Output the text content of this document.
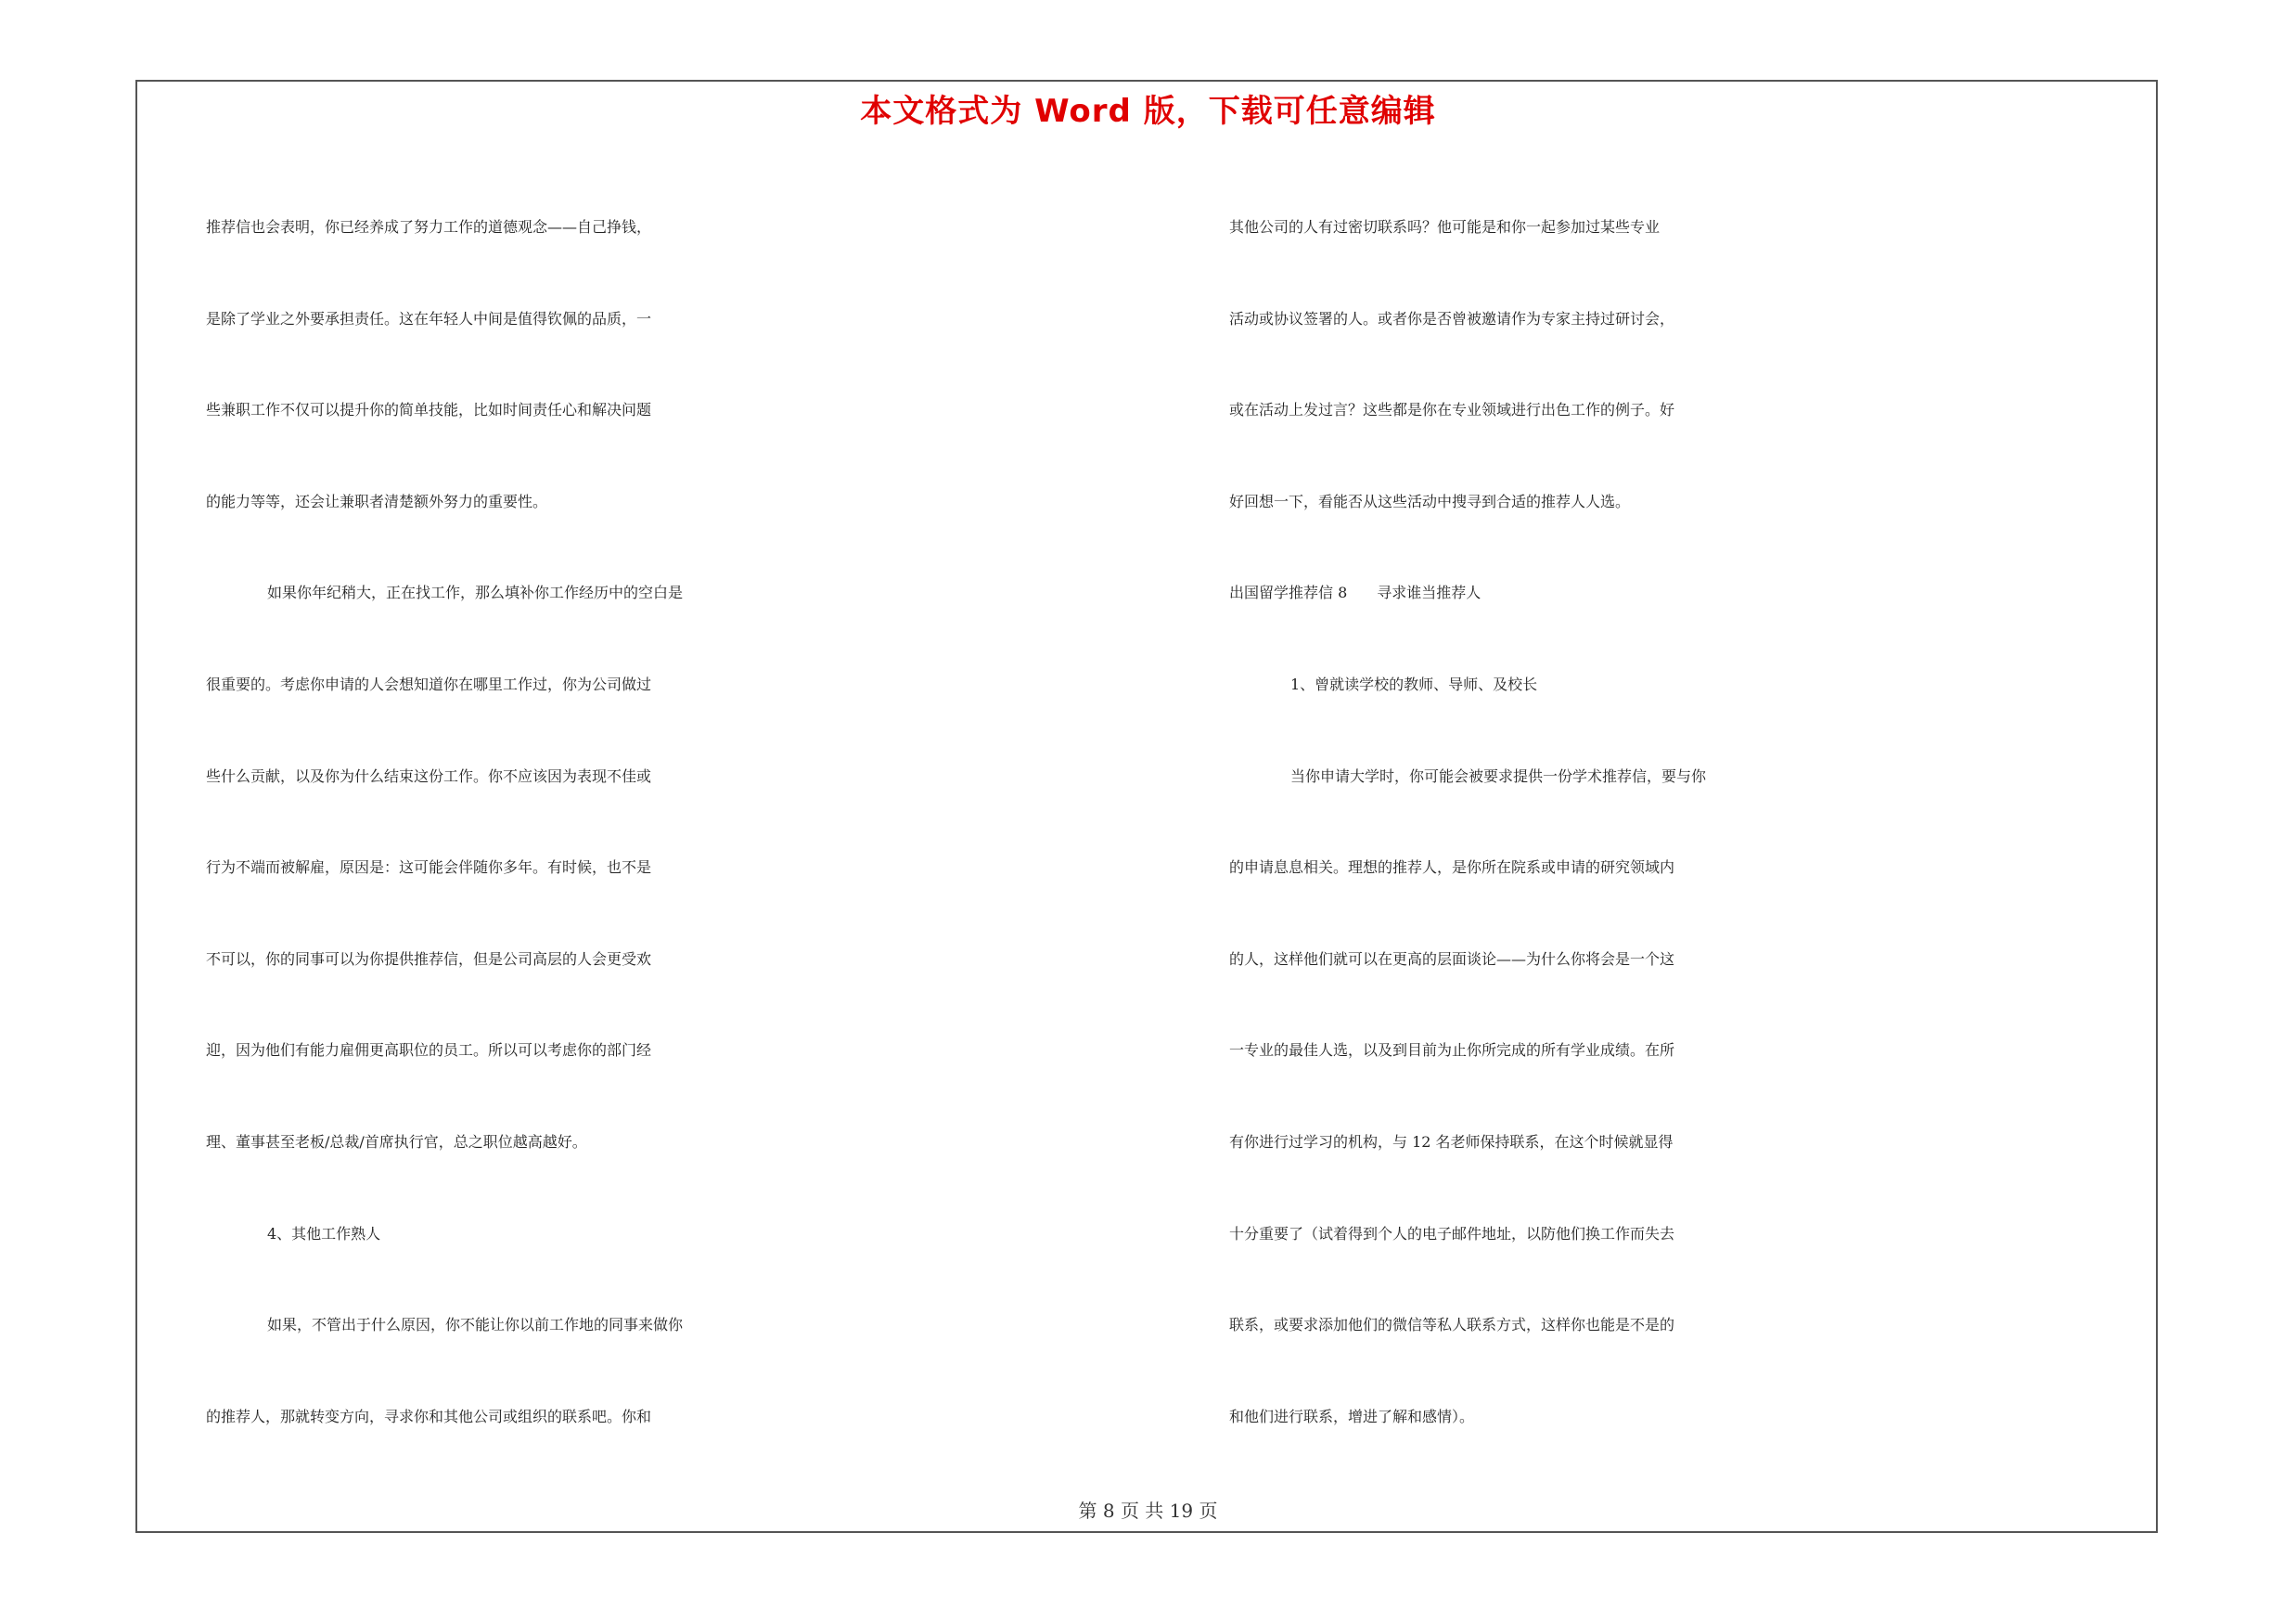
本文格式为 Word 版，下载可任意编辑
推荐信也会表明，你已经养成了努力工作的道德观念——自己挣钱，
是除了学业之外要承担责任。这在年轻人中间是值得钦佩的品质，一
些兼职工作不仅可以提升你的简单技能，比如时间责任心和解决问题
的能力等等，还会让兼职者清楚额外努力的重要性。
如果你年纪稍大，正在找工作，那么填补你工作经历中的空白是
很重要的。考虑你申请的人会想知道你在哪里工作过，你为公司做过
些什么贡献，以及你为什么结束这份工作。你不应该因为表现不佳或
行为不端而被解雇，原因是：这可能会伴随你多年。有时候，也不是
不可以，你的同事可以为你提供推荐信，但是公司高层的人会更受欢
迎，因为他们有能力雇佣更高职位的员工。所以可以考虑你的部门经
理、董事甚至老板/总裁/首席执行官，总之职位越高越好。
4、其他工作熟人
如果，不管出于什么原因，你不能让你以前工作地的同事来做你
的推荐人，那就转变方向，寻求你和其他公司或组织的联系吧。你和
其他公司的人有过密切联系吗？他可能是和你一起参加过某些专业
活动或协议签署的人。或者你是否曾被邀请作为专家主持过研讨会，
或在活动上发过言？这些都是你在专业领域进行出色工作的例子。好
好回想一下，看能否从这些活动中搜寻到合适的推荐人人选。
出国留学推荐信 8　　寻求谁当推荐人
1、曾就读学校的教师、导师、及校长
当你申请大学时，你可能会被要求提供一份学术推荐信，要与你
的申请息息相关。理想的推荐人，是你所在院系或申请的研究领域内
的人，这样他们就可以在更高的层面谈论——为什么你将会是一个这
一专业的最佳人选，以及到目前为止你所完成的所有学业成绩。在所
有你进行过学习的机构，与 12 名老师保持联系，在这个时候就显得
十分重要了（试着得到个人的电子邮件地址，以防他们换工作而失去
联系，或要求添加他们的微信等私人联系方式，这样你也能是不是的
和他们进行联系，增进了解和感情）。
第 8 页 共 19 页
